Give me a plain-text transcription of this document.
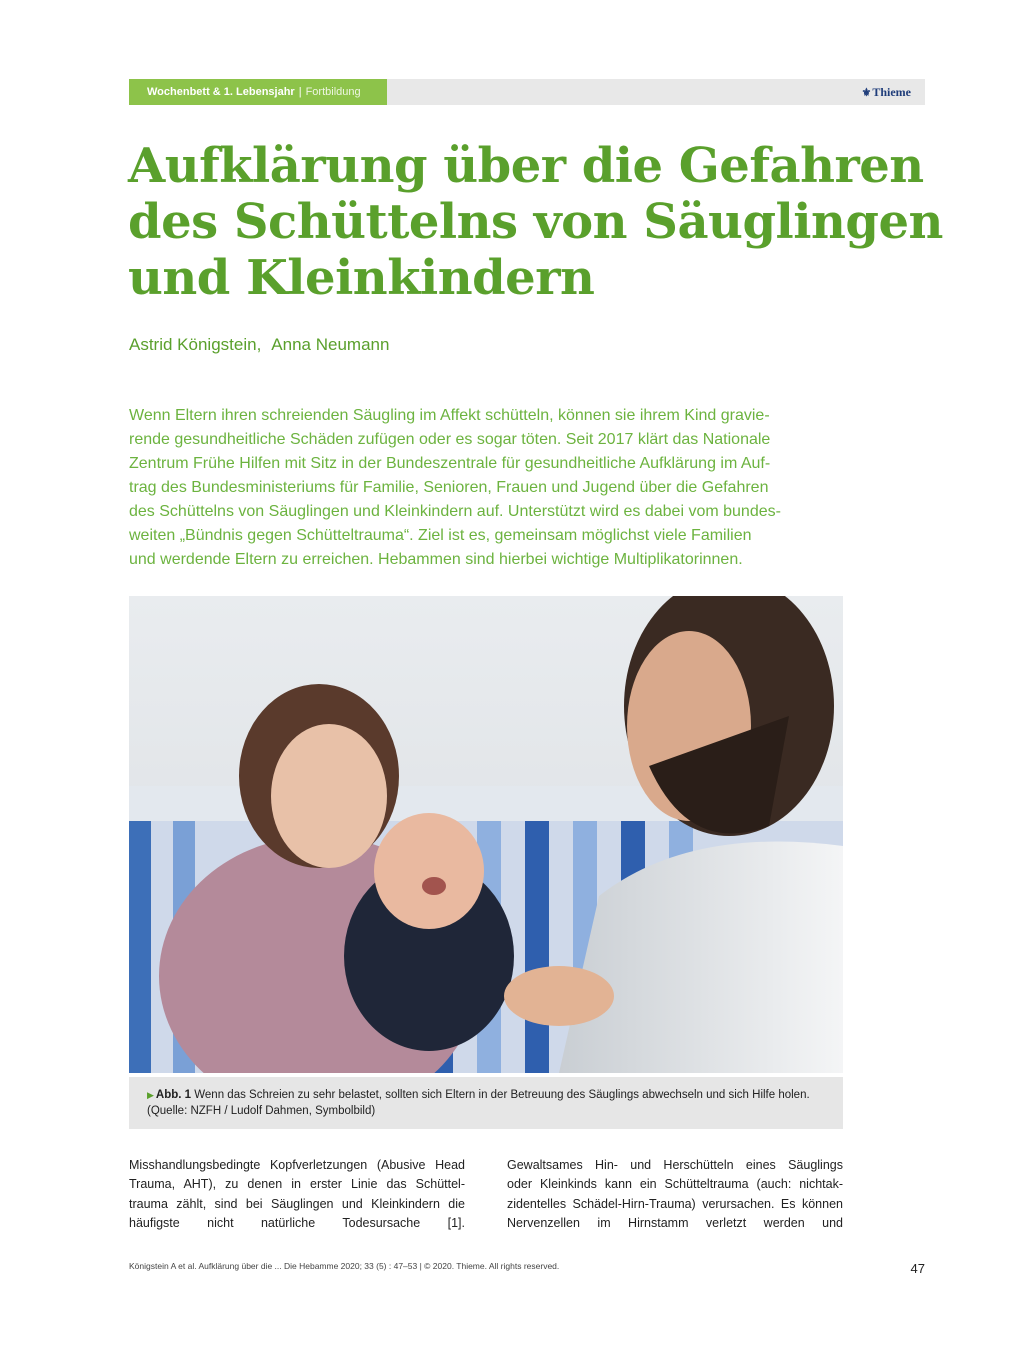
Wochenbett & 1. Lebensjahr | Fortbildung	⚜Thieme
Aufklärung über die Gefahren
des Schüttelns von Säuglingen
und Kleinkindern
Astrid Königstein, Anna Neumann
Wenn Eltern ihren schreienden Säugling im Affekt schütteln, können sie ihrem Kind gravie-
rende gesundheitliche Schäden zufügen oder es sogar töten. Seit 2017 klärt das Nationale
Zentrum Frühe Hilfen mit Sitz in der Bundeszentrale für gesundheitliche Aufklärung im Auf-
trag des Bundesministeriums für Familie, Senioren, Frauen und Jugend über die Gefahren
des Schüttelns von Säuglingen und Kleinkindern auf. Unterstützt wird es dabei vom bundes-
weiten „Bündnis gegen Schütteltrauma“. Ziel ist es, gemeinsam möglichst viele Familien
und werdende Eltern zu erreichen. Hebammen sind hierbei wichtige Multiplikatorinnen.
▶ Abb. 1 Wenn das Schreien zu sehr belastet, sollten sich Eltern in der Betreuung des Säuglings abwechseln und sich Hilfe holen.
(Quelle: NZFH / Ludolf Dahmen, Symbolbild)
Misshandlungsbedingte Kopfverletzungen (Abusive Head
Trauma, AHT), zu denen in erster Linie das Schüttel-
trauma zählt, sind bei Säuglingen und Kleinkindern die
häufigste nicht natürliche Todesursache [1].
Gewaltsames Hin- und Herschütteln eines Säuglings
oder Kleinkinds kann ein Schütteltrauma (auch: nichtak-
zidentelles Schädel-Hirn-Trauma) verursachen. Es können
Nervenzellen im Hirnstamm verletzt werden und
Königstein A et al. Aufklärung über die ... Die Hebamme 2020; 33 (5) : 47–53 | © 2020. Thieme. All rights reserved.	47
